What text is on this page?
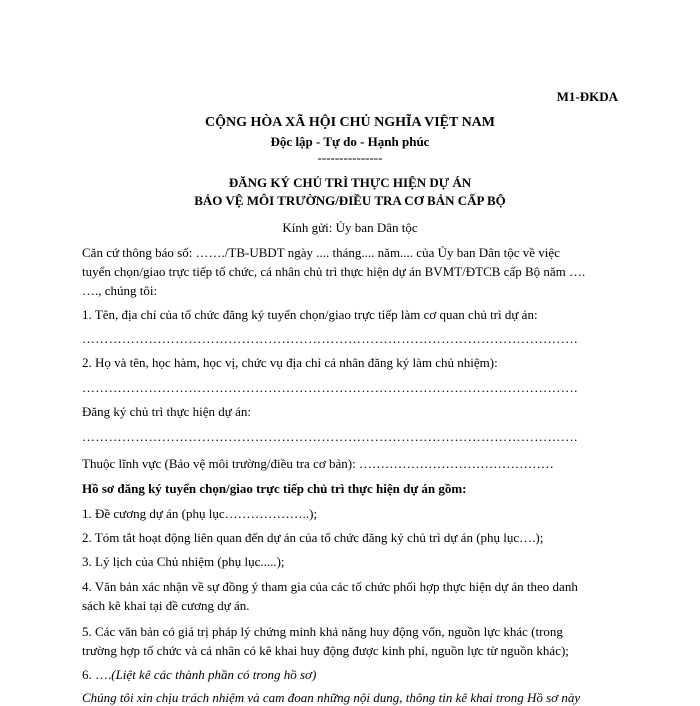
M1-ĐKDA
CỘNG HÒA XÃ HỘI CHỦ NGHĨA VIỆT NAM
Độc lập - Tự do - Hạnh phúc
---------------
ĐĂNG KÝ CHỦ TRÌ THỰC HIỆN DỰ ÁN
BẢO VỆ MÔI TRƯỜNG/ĐIỀU TRA CƠ BẢN CẤP BỘ
Kính gửi: Ủy ban Dân tộc
Căn cứ thông báo số: ……./TB-UBDT ngày .... tháng.... năm.... của Ủy ban Dân tộc về việc
tuyển chọn/giao trực tiếp tổ chức, cá nhân chủ trì thực hiện dự án BVMT/ĐTCB cấp Bộ năm ….
…., chúng tôi:
1. Tên, địa chỉ của tổ chức đăng ký tuyển chọn/giao trực tiếp làm cơ quan chủ trì dự án:
………………………………………………………………………………………………….
2. Họ và tên, học hàm, học vị, chức vụ địa chỉ cá nhân đăng ký làm chủ nhiệm):
………………………………………………………………………………………………….
Đăng ký chủ trì thực hiện dự án:
………………………………………………………………………………………………….
Thuộc lĩnh vực (Bảo vệ môi trường/điều tra cơ bản): ………………………………………
Hồ sơ đăng ký tuyển chọn/giao trực tiếp chủ trì thực hiện dự án gồm:
1. Đề cương dự án (phụ lục………………..);
2. Tóm tắt hoạt động liên quan đến dự án của tổ chức đăng ký chủ trì dự án (phụ lục….);
3. Lý lịch của Chủ nhiệm (phụ lục.....);
4. Văn bản xác nhận về sự đồng ý tham gia của các tổ chức phối hợp thực hiện dự án theo danh
sách kê khai tại đề cương dự án.
5. Các văn bản có giá trị pháp lý chứng minh khả năng huy động vốn, nguồn lực khác (trong
trường hợp tổ chức và cá nhân có kê khai huy động được kinh phí, nguồn lực từ nguồn khác);
6. ….(Liệt kê các thành phần có trong hồ sơ)
Chúng tôi xin chịu trách nhiệm và cam đoan những nội dung, thông tin kê khai trong Hồ sơ này
